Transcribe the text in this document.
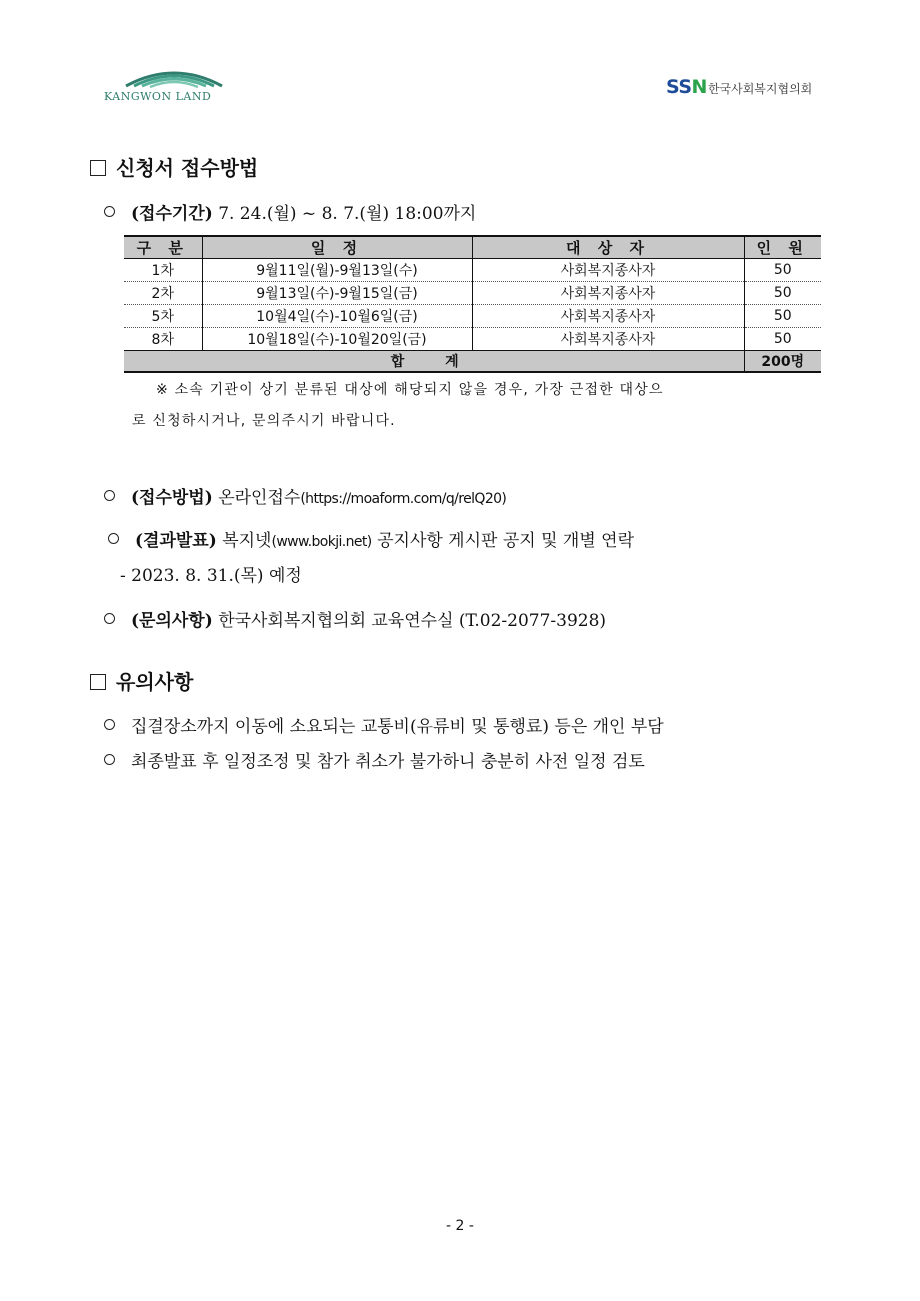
KANGWON LAND	SSN한국사회복지협의회
신청서 접수방법
(접수기간) 7. 24.(월) ~ 8. 7.(월) 18:00까지
구 분	일 정	대 상 자	인 원
1차	9월11일(월)-9월13일(수)	사회복지종사자	50
2차	9월13일(수)-9월15일(금)	사회복지종사자	50
5차	10월4일(수)-10월6일(금)	사회복지종사자	50
8차	10월18일(수)-10월20일(금)	사회복지종사자	50
합 계			200명
※ 소속 기관이 상기 분류된 대상에 해당되지 않을 경우, 가장 근접한 대상으
로 신청하시거나, 문의주시기 바랍니다.
(접수방법) 온라인접수(https://moaform.com/q/relQ20)
(결과발표) 복지넷(www.bokji.net) 공지사항 게시판 공지 및 개별 연락
- 2023. 8. 31.(목) 예정
(문의사항) 한국사회복지협의회 교육연수실 (T.02-2077-3928)
유의사항
집결장소까지 이동에 소요되는 교통비(유류비 및 통행료) 등은 개인 부담
최종발표 후 일정조정 및 참가 취소가 불가하니 충분히 사전 일정 검토
- 2 -
